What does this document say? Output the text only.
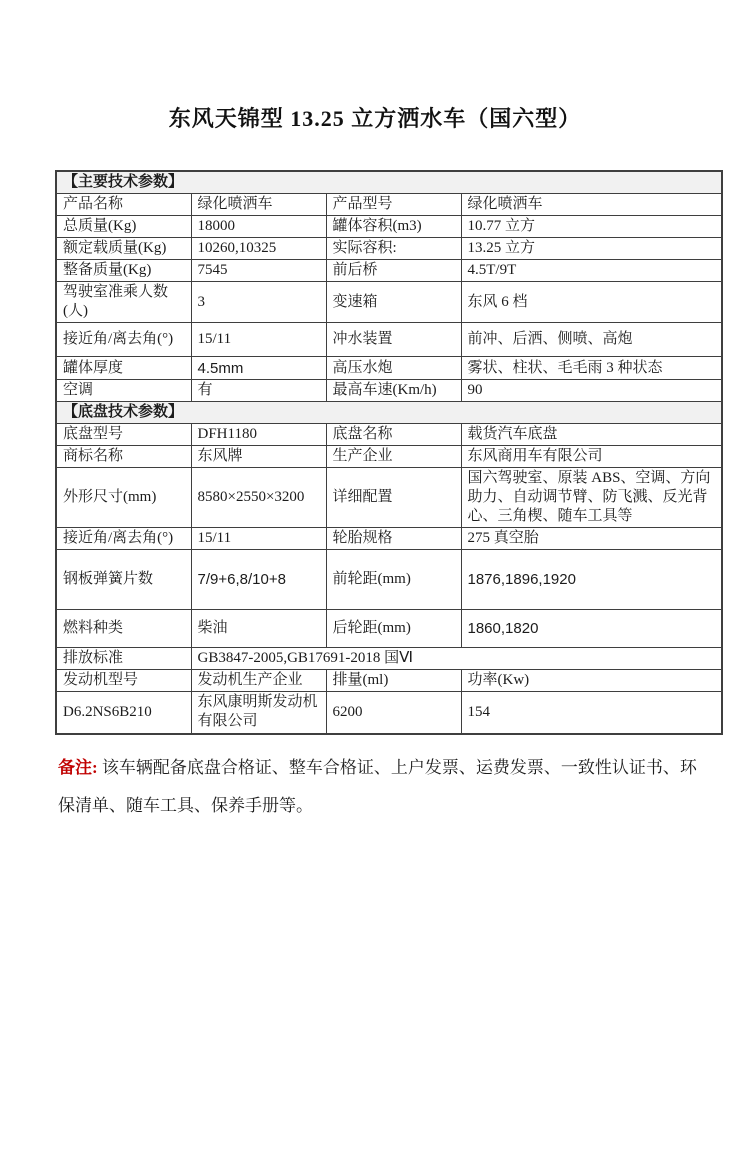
东风天锦型 13.25 立方洒水车（国六型）
【主要技术参数】			
产品名称	绿化喷洒车	产品型号	绿化喷洒车
总质量(Kg)	18000	罐体容积(m3)	10.77 立方
额定载质量(Kg)	10260,10325	实际容积:	13.25 立方
整备质量(Kg)	7545	前后桥	4.5T/9T
驾驶室准乘人数(人)	3	变速箱	东风 6 档
接近角/离去角(°)	15/11	冲水装置	前冲、后洒、侧喷、高炮
罐体厚度	4.5mm	高压水炮	雾状、柱状、毛毛雨 3 种状态
空调	有	最高车速(Km/h)	90
【底盘技术参数】			
底盘型号	DFH1180	底盘名称	载货汽车底盘
商标名称	东风牌	生产企业	东风商用车有限公司
外形尺寸(mm)	8580×2550×3200	详细配置	国六驾驶室、原装 ABS、空调、方向助力、自动调节臂、防飞溅、反光背心、三角楔、随车工具等
接近角/离去角(°)	15/11	轮胎规格	275 真空胎
钢板弹簧片数	7/9+6,8/10+8	前轮距(mm)	1876,1896,1920
燃料种类	柴油	后轮距(mm)	1860,1820
排放标准	GB3847-2005,GB17691-2018 国Ⅵ		
发动机型号	发动机生产企业	排量(ml)	功率(Kw)
D6.2NS6B210	东风康明斯发动机有限公司	6200	154

备注: 该车辆配备底盘合格证、整车合格证、上户发票、运费发票、一致性认证书、环保清单、随车工具、保养手册等。
